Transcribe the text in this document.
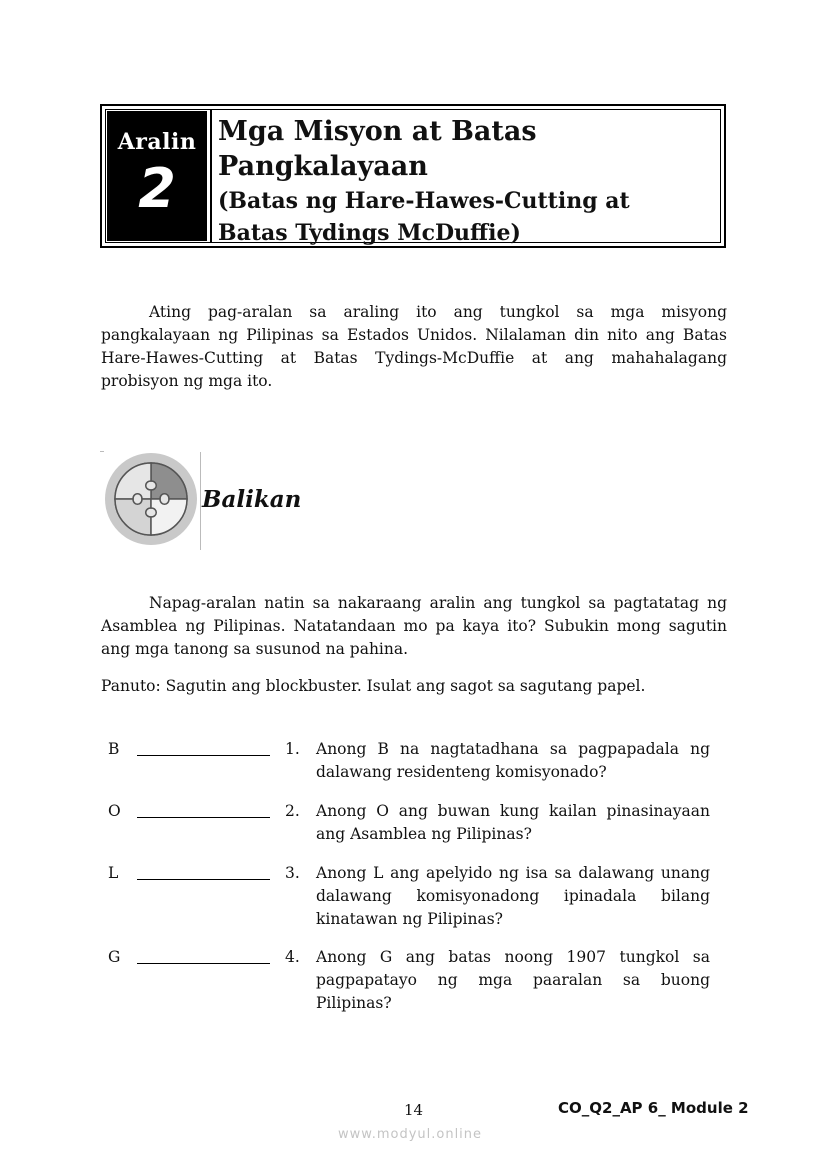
Aralin
2
Mga Misyon at Batas
Pangkalayaan
(Batas ng Hare-Hawes-Cutting at
Batas Tydings McDuffie)

Ating pag-aralan sa araling ito ang tungkol sa mga misyong pangkalayaan ng Pilipinas sa Estados Unidos. Nilalaman din nito ang Batas Hare-Hawes-Cutting at Batas Tydings-McDuffie at ang mahahalagang probisyon ng mga ito.

Balikan

Napag-aralan natin sa nakaraang aralin ang tungkol sa pagtatatag ng Asamblea ng Pilipinas. Natatandaan mo pa kaya ito? Subukin mong sagutin ang mga tanong sa susunod na pahina.

Panuto: Sagutin ang blockbuster. Isulat ang sagot sa sagutang papel.
B	1. Anong B na nagtatadhana sa pagpapadala ng dalawang residenteng komisyonado?
O	2. Anong O ang buwan kung kailan pinasinayaan ang Asamblea ng Pilipinas?
L	3. Anong L ang apelyido ng isa sa dalawang unang dalawang komisyonadong ipinadala bilang kinatawan ng Pilipinas?
G	4. Anong G ang batas noong 1907 tungkol sa pagpapatayo ng mga paaralan sa buong Pilipinas?
14	CO_Q2_AP 6_ Module 2
www.modyul.online
